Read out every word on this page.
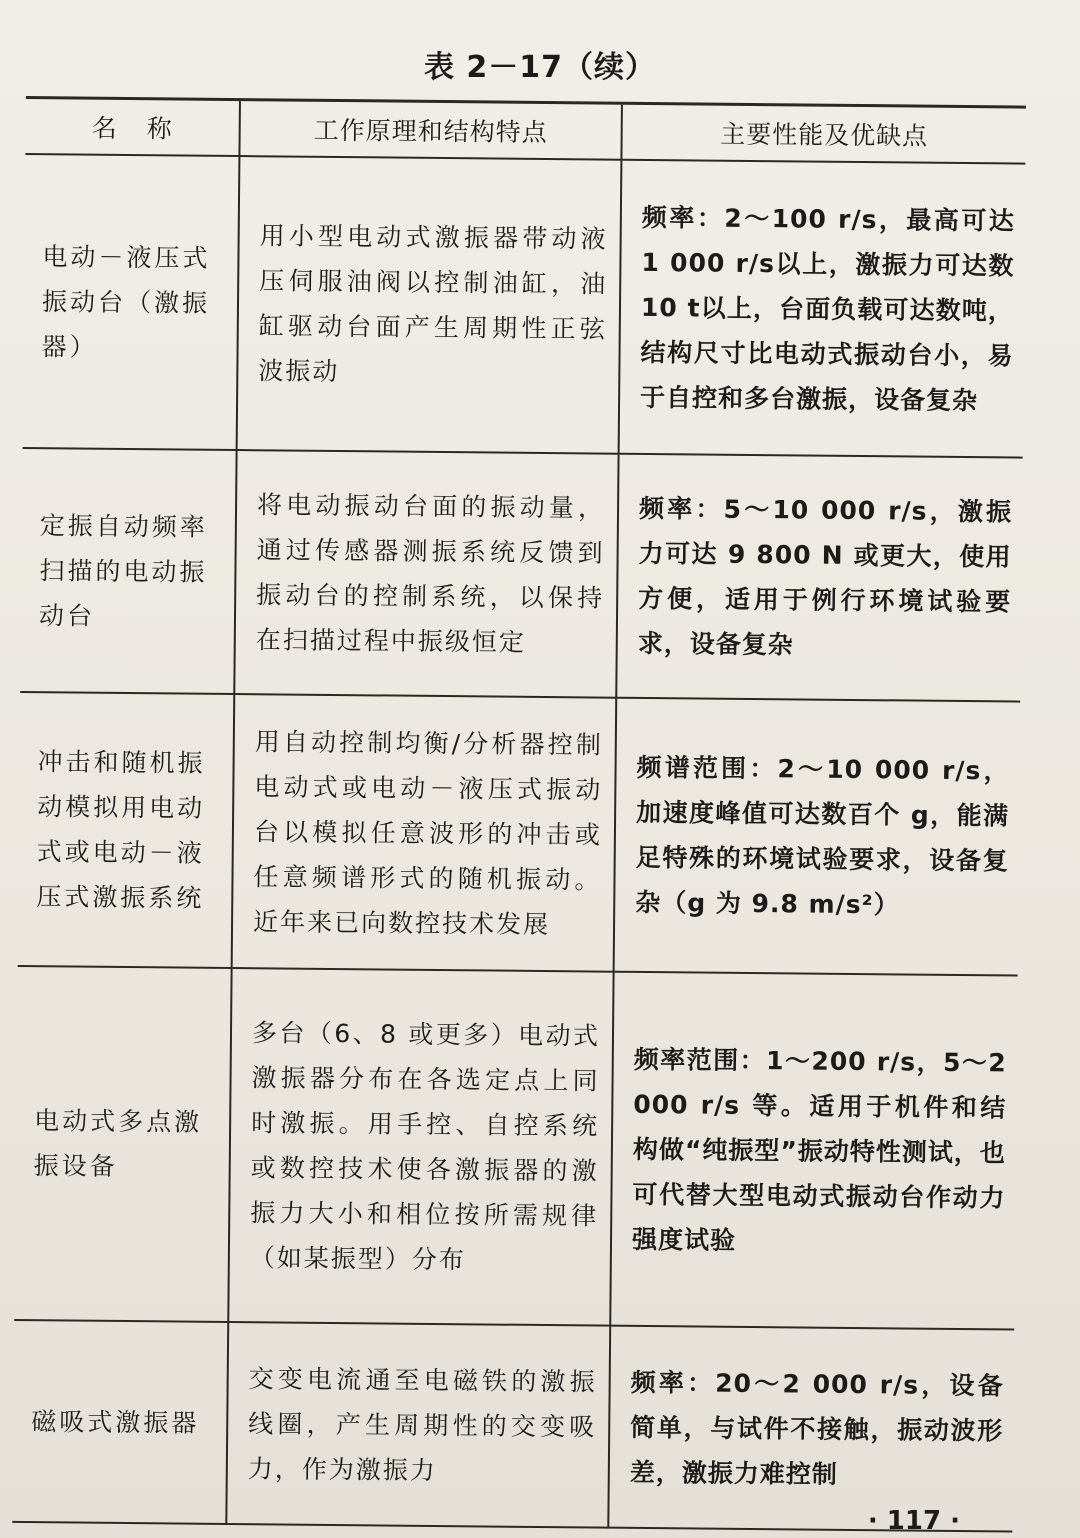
表 2－17（续）
名称	工作原理和结构特点	主要性能及优缺点
电动－液压式振动台（激振器）	用小型电动式激振器带动液压伺服油阀以控制油缸，油缸驱动台面产生周期性正弦波振动	频率：2～100 r/s，最高可达1 000 r/s以上，激振力可达数 10 t以上，台面负载可达数吨，结构尺寸比电动式振动台小，易于自控和多台激振，设备复杂
定振自动频率扫描的电动振动台	将电动振动台面的振动量，通过传感器测振系统反馈到振动台的控制系统，以保持在扫描过程中振级恒定	频率：5～10 000 r/s，激振力可达 9 800 N 或更大，使用方便，适用于例行环境试验要求，设备复杂
冲击和随机振动模拟用电动式或电动－液压式激振系统	用自动控制均衡/分析器控制电动式或电动－液压式振动台以模拟任意波形的冲击或任意频谱形式的随机振动。近年来已向数控技术发展	频谱范围：2～10 000 r/s，加速度峰值可达数百个 g，能满足特殊的环境试验要求，设备复杂（g 为 9.8 m/s²）
电动式多点激振设备	多台（6、8 或更多）电动式激振器分布在各选定点上同时激振。用手控、自控系统或数控技术使各激振器的激振力大小和相位按所需规律（如某振型）分布	频率范围：1～200 r/s，5～2 000 r/s 等。适用于机件和结构做“纯振型”振动特性测试，也可代替大型电动式振动台作动力强度试验
磁吸式激振器	交变电流通至电磁铁的激振线圈，产生周期性的交变吸力，作为激振力	频率：20～2 000 r/s，设备简单，与试件不接触，振动波形差，激振力难控制
· 117 ·
